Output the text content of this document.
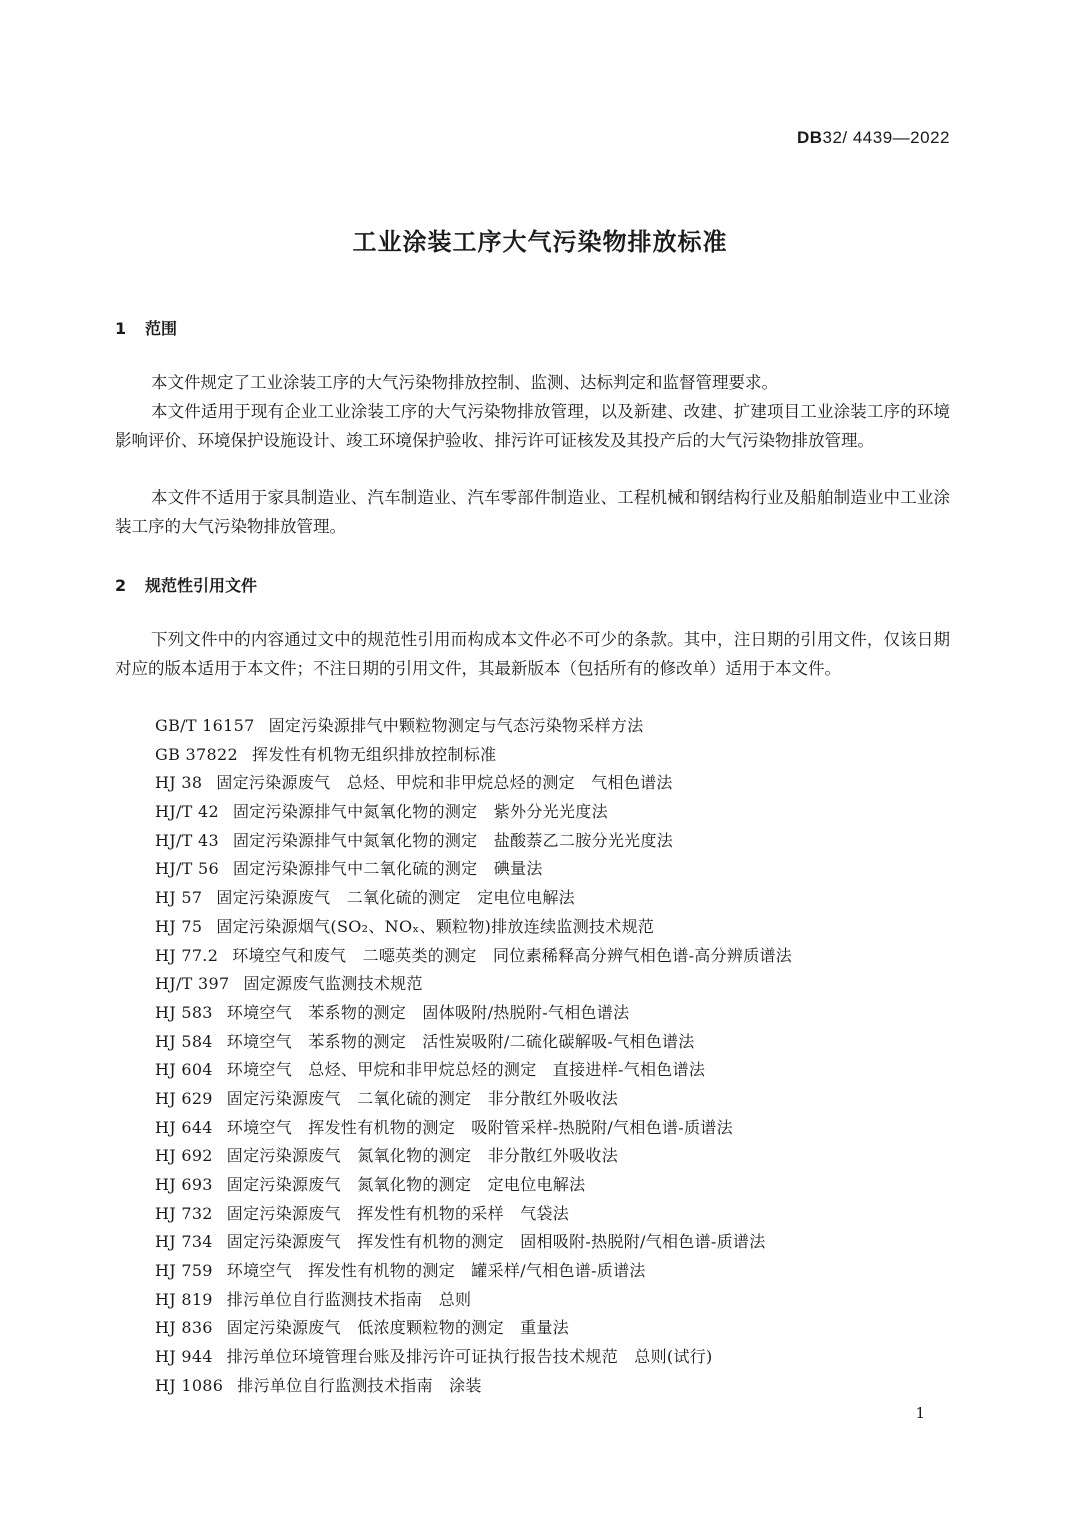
DB32/ 4439—2022
工业涂装工序大气污染物排放标准
1 范围

本文件规定了工业涂装工序的大气污染物排放控制、监测、达标判定和监督管理要求。

本文件适用于现有企业工业涂装工序的大气污染物排放管理，以及新建、改建、扩建项目工业涂装工序的环境影响评价、环境保护设施设计、竣工环境保护验收、排污许可证核发及其投产后的大气污染物排放管理。

本文件不适用于家具制造业、汽车制造业、汽车零部件制造业、工程机械和钢结构行业及船舶制造业中工业涂装工序的大气污染物排放管理。

2 规范性引用文件

下列文件中的内容通过文中的规范性引用而构成本文件必不可少的条款。其中，注日期的引用文件，仅该日期对应的版本适用于本文件；不注日期的引用文件，其最新版本（包括所有的修改单）适用于本文件。

GB/T 16157 固定污染源排气中颗粒物测定与气态污染物采样方法
GB 37822 挥发性有机物无组织排放控制标准
HJ 38 固定污染源废气　总烃、甲烷和非甲烷总烃的测定　气相色谱法
HJ/T 42 固定污染源排气中氮氧化物的测定　紫外分光光度法
HJ/T 43 固定污染源排气中氮氧化物的测定　盐酸萘乙二胺分光光度法
HJ/T 56 固定污染源排气中二氧化硫的测定　碘量法
HJ 57 固定污染源废气　二氧化硫的测定　定电位电解法
HJ 75 固定污染源烟气(SO₂、NOₓ、颗粒物)排放连续监测技术规范
HJ 77.2 环境空气和废气　二噁英类的测定　同位素稀释高分辨气相色谱-高分辨质谱法
HJ/T 397 固定源废气监测技术规范
HJ 583 环境空气　苯系物的测定　固体吸附/热脱附-气相色谱法
HJ 584 环境空气　苯系物的测定　活性炭吸附/二硫化碳解吸-气相色谱法
HJ 604 环境空气　总烃、甲烷和非甲烷总烃的测定　直接进样-气相色谱法
HJ 629 固定污染源废气　二氧化硫的测定　非分散红外吸收法
HJ 644 环境空气　挥发性有机物的测定　吸附管采样-热脱附/气相色谱-质谱法
HJ 692 固定污染源废气　氮氧化物的测定　非分散红外吸收法
HJ 693 固定污染源废气　氮氧化物的测定　定电位电解法
HJ 732 固定污染源废气　挥发性有机物的采样　气袋法
HJ 734 固定污染源废气　挥发性有机物的测定　固相吸附-热脱附/气相色谱-质谱法
HJ 759 环境空气　挥发性有机物的测定　罐采样/气相色谱-质谱法
HJ 819 排污单位自行监测技术指南　总则
HJ 836 固定污染源废气　低浓度颗粒物的测定　重量法
HJ 944 排污单位环境管理台账及排污许可证执行报告技术规范　总则(试行)
HJ 1086 排污单位自行监测技术指南　涂装
1
